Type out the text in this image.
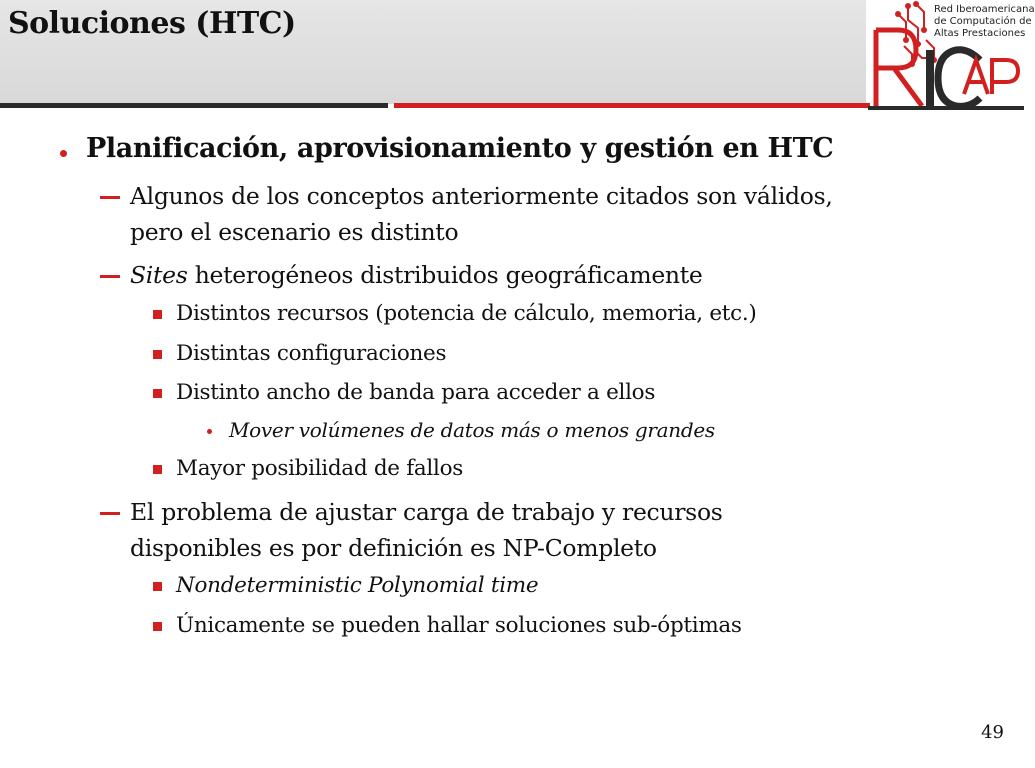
Soluciones (HTC)	Red Iberoamericana
de Computación de
Altas Prestaciones
Planificación, aprovisionamiento y gestión en HTC
Algunos de los conceptos anteriormente citados son válidos,
pero el escenario es distinto
Sites heterogéneos distribuidos geográficamente
Distintos recursos (potencia de cálculo, memoria, etc.)
Distintas configuraciones
Distinto ancho de banda para acceder a ellos
Mover volúmenes de datos más o menos grandes
Mayor posibilidad de fallos
El problema de ajustar carga de trabajo y recursos
disponibles es por definición es NP-Completo
Nondeterministic Polynomial time
Únicamente se pueden hallar soluciones sub-óptimas
49
